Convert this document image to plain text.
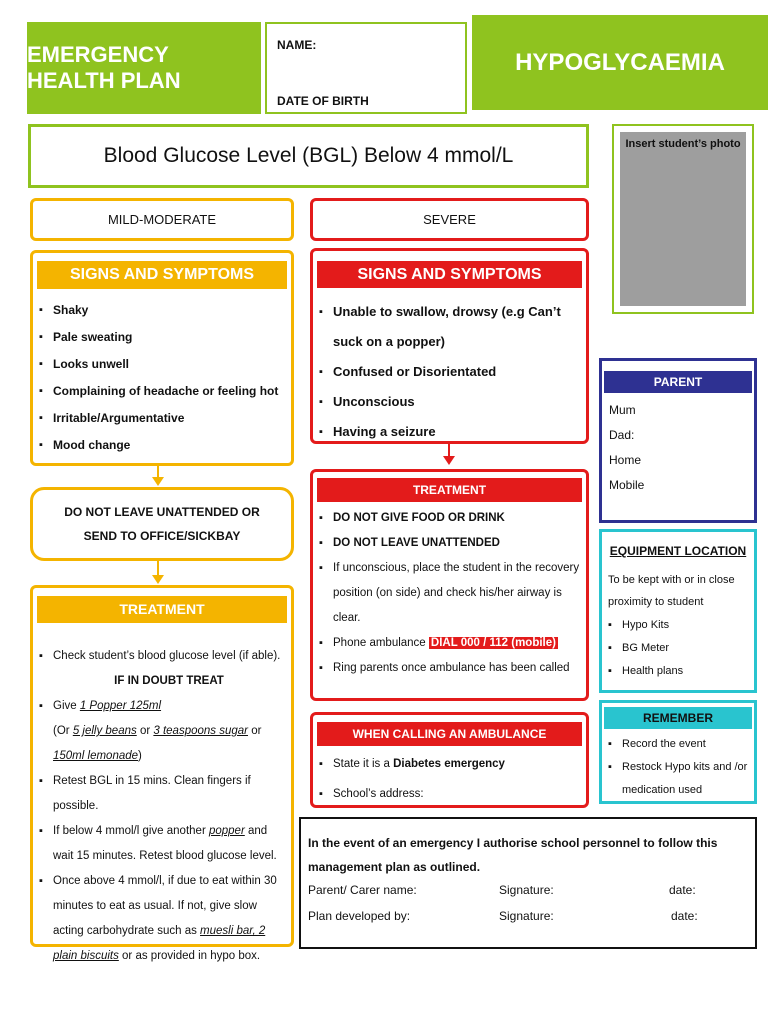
EMERGENCY HEALTH PLAN
NAME:
DATE OF BIRTH
HYPOGLYCAEMIA
Blood Glucose Level (BGL) Below 4 mmol/L	Insert student’s photo
MILD-MODERATE
SIGNS AND SYMPTOMS
▪ Shaky
▪ Pale sweating
▪ Looks unwell
▪ Complaining of headache or feeling hot
▪ Irritable/Argumentative
▪ Mood change
DO NOT LEAVE UNATTENDED OR SEND TO OFFICE/SICKBAY
TREATMENT
▪ Check student’s blood glucose level (if able).

IF IN DOUBT TREAT
▪ Give 1 Popper 125ml
(Or 5 jelly beans or 3 teaspoons sugar or 150ml lemonade)
▪ Retest BGL in 15 mins. Clean fingers if possible.
▪ If below 4 mmol/l give another popper and wait 15 minutes. Retest blood glucose level.
▪ Once above 4 mmol/l, if due to eat within 30 minutes to eat as usual. If not, give slow acting carbohydrate such as muesli bar, 2 plain biscuits or as provided in hypo box.
SEVERE
SIGNS AND SYMPTOMS
▪ Unable to swallow, drowsy (e.g Can’t suck on a popper)
▪ Confused or Disorientated
▪ Unconscious
▪ Having a seizure
TREATMENT
▪ DO NOT GIVE FOOD OR DRINK
▪ DO NOT LEAVE UNATTENDED
▪ If unconscious, place the student in the recovery position (on side) and check his/her airway is clear.
▪ Phone ambulance DIAL 000 / 112 (mobile)
▪ Ring parents once ambulance has been called
WHEN CALLING AN AMBULANCE
▪ State it is a Diabetes emergency
▪ School’s address:
PARENT
Mum
Dad:
Home
Mobile
EQUIPMENT LOCATION
To be kept with or in close proximity to student
▪ Hypo Kits
▪ BG Meter
▪ Health plans
REMEMBER
▪ Record the event
▪ Restock Hypo kits and /or medication used
In the event of an emergency I authorise school personnel to follow this management plan as outlined.
Parent/ Carer name:	Signature:	date:
Plan developed by:	Signature:	date:
